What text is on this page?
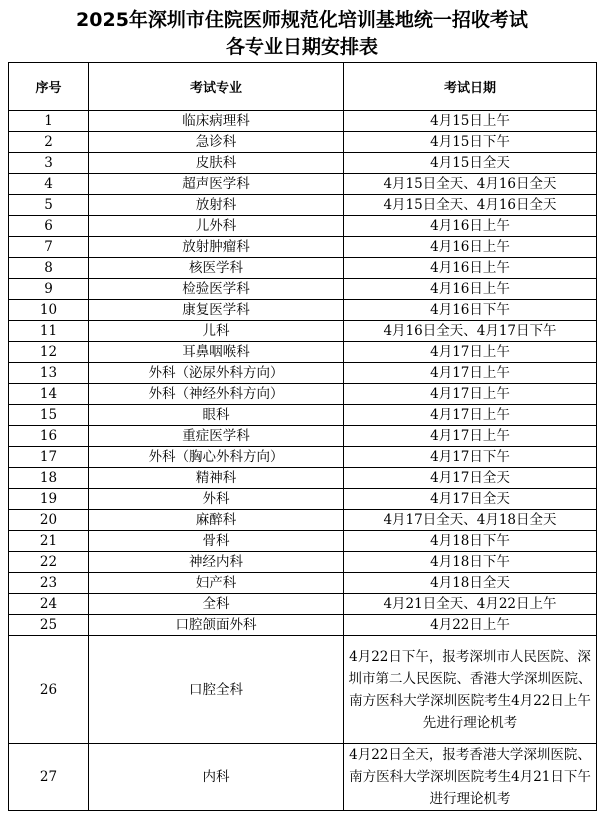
2025年深圳市住院医师规范化培训基地统一招收考试
各专业日期安排表
序号	考试专业	考试日期
1	临床病理科	4月15日上午
2	急诊科	4月15日下午
3	皮肤科	4月15日全天
4	超声医学科	4月15日全天、4月16日全天
5	放射科	4月15日全天、4月16日全天
6	儿外科	4月16日上午
7	放射肿瘤科	4月16日上午
8	核医学科	4月16日上午
9	检验医学科	4月16日上午
10	康复医学科	4月16日下午
11	儿科	4月16日全天、4月17日下午
12	耳鼻咽喉科	4月17日上午
13	外科（泌尿外科方向）	4月17日上午
14	外科（神经外科方向）	4月17日上午
15	眼科	4月17日上午
16	重症医学科	4月17日上午
17	外科（胸心外科方向）	4月17日下午
18	精神科	4月17日全天
19	外科	4月17日全天
20	麻醉科	4月17日全天、4月18日全天
21	骨科	4月18日下午
22	神经内科	4月18日下午
23	妇产科	4月18日全天
24	全科	4月21日全天、4月22日上午
25	口腔颌面外科	4月22日上午
26	口腔全科	4月22日下午，报考深圳市人民医院、深圳市第二人民医院、香港大学深圳医院、南方医科大学深圳医院考生4月22日上午先进行理论机考
27	内科	4月22日全天，报考香港大学深圳医院、南方医科大学深圳医院考生4月21日下午进行理论机考
